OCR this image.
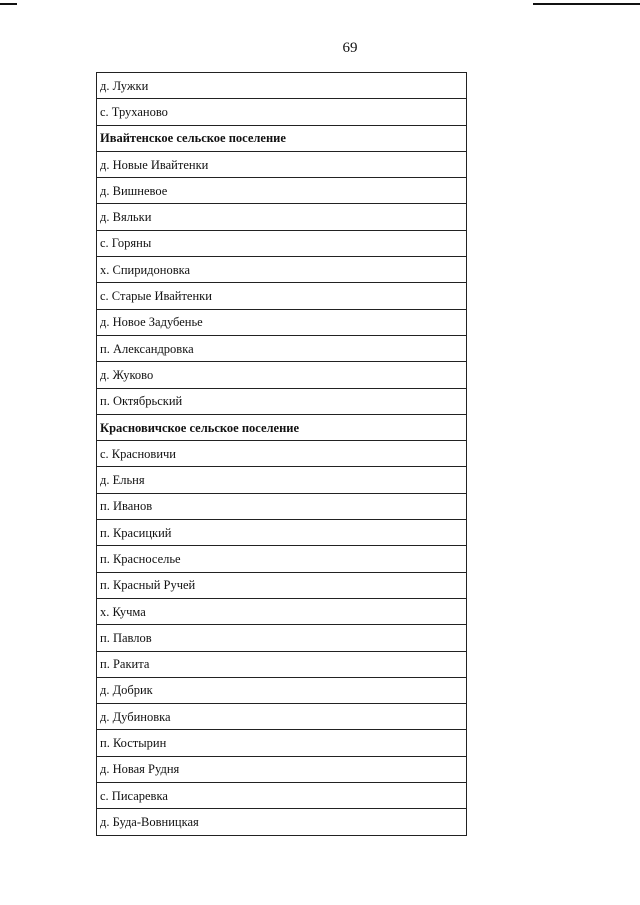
69
д. Лужки
с. Труханово
Ивайтенское сельское поселение
д. Новые Ивайтенки
д. Вишневое
д. Вяльки
с. Горяны
х. Спиридоновка
с. Старые Ивайтенки
д. Новое Задубенье
п. Александровка
д. Жуково
п. Октябрьский
Красновичское сельское поселение
с. Красновичи
д. Ельня
п. Иванов
п. Красицкий
п. Красноселье
п. Красный Ручей
х. Кучма
п. Павлов
п. Ракита
д. Добрик
д. Дубиновка
п. Костырин
д. Новая Рудня
с. Писаревка
д. Буда-Вовницкая
